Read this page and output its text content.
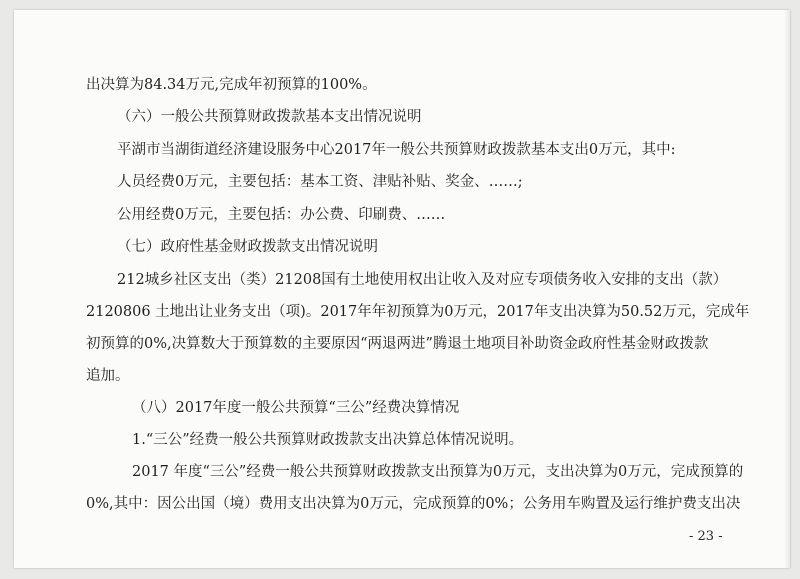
出决算为84.34万元,完成年初预算的100%。
（六）一般公共预算财政拨款基本支出情况说明
平湖市当湖街道经济建设服务中心2017年一般公共预算财政拨款基本支出0万元，其中:
人员经费0万元，主要包括：基本工资、津贴补贴、奖金、……;
公用经费0万元，主要包括：办公费、印刷费、……
（七）政府性基金财政拨款支出情况说明
212城乡社区支出（类）21208国有土地使用权出让收入及对应专项债务收入安排的支出（款）
2120806 土地出让业务支出（项)。2017年年初预算为0万元，2017年支出决算为50.52万元，完成年
初预算的0%,决算数大于预算数的主要原因“两退两进”腾退土地项目补助资金政府性基金财政拨款
追加。
（八）2017年度一般公共预算“三公”经费决算情况
1.“三公”经费一般公共预算财政拨款支出决算总体情况说明。
2017 年度“三公”经费一般公共预算财政拨款支出预算为0万元，支出决算为0万元，完成预算的
0%,其中：因公出国（境）费用支出决算为0万元，完成预算的0%；公务用车购置及运行维护费支出决
- 23 -
